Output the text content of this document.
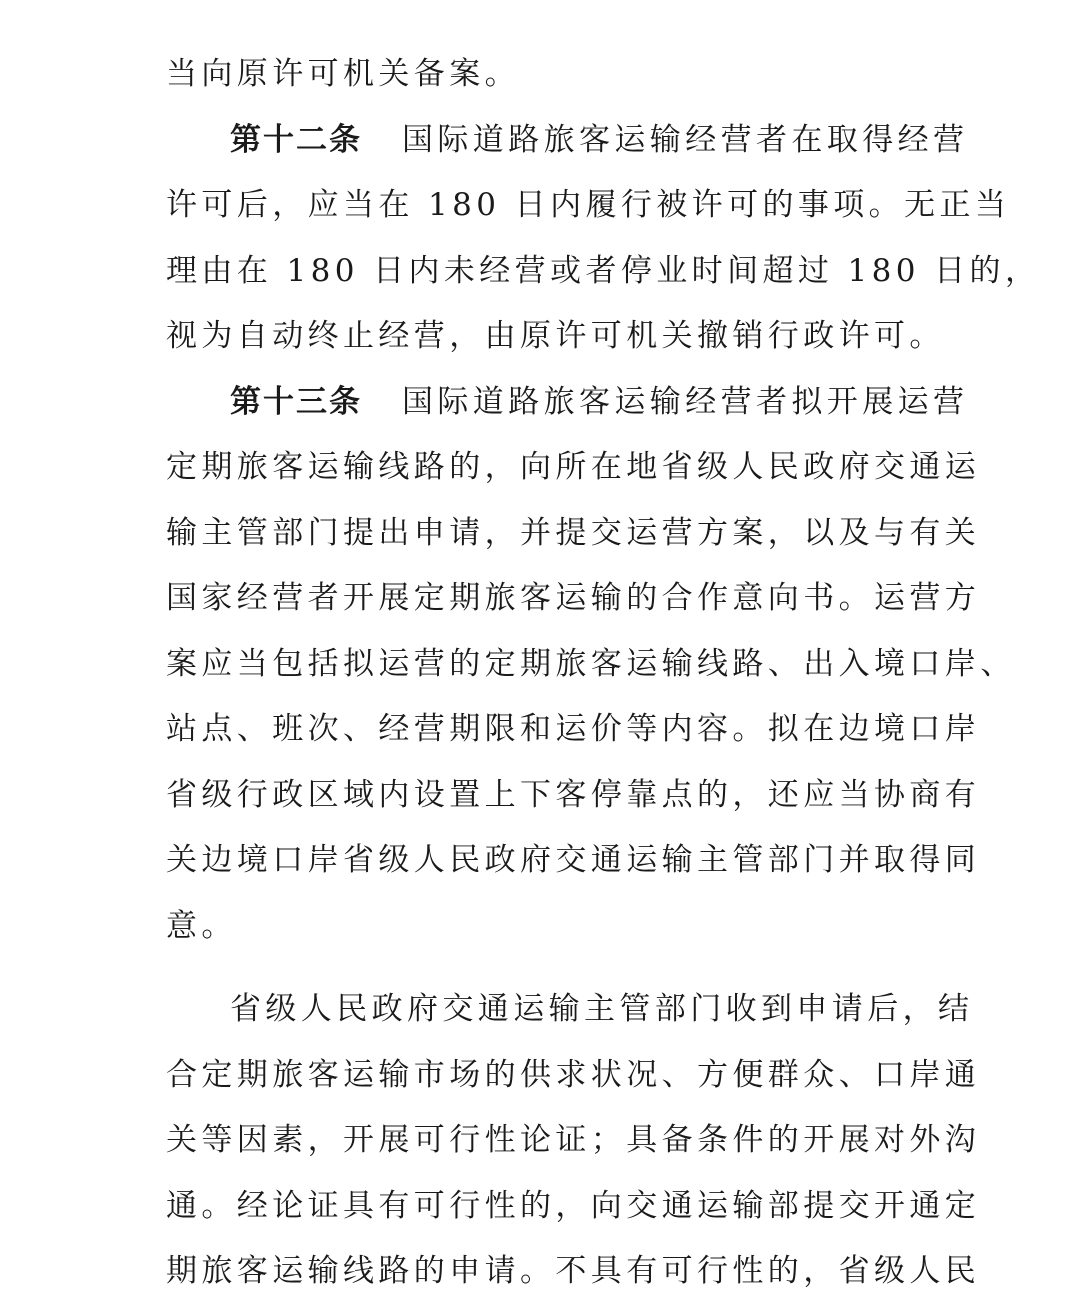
当向原许可机关备案。
第十二条 国际道路旅客运输经营者在取得经营
许可后，应当在 180 日内履行被许可的事项。无正当
理由在 180 日内未经营或者停业时间超过 180 日的，
视为自动终止经营，由原许可机关撤销行政许可。
第十三条 国际道路旅客运输经营者拟开展运营
定期旅客运输线路的，向所在地省级人民政府交通运
输主管部门提出申请，并提交运营方案，以及与有关
国家经营者开展定期旅客运输的合作意向书。运营方
案应当包括拟运营的定期旅客运输线路、出入境口岸、
站点、班次、经营期限和运价等内容。拟在边境口岸
省级行政区域内设置上下客停靠点的，还应当协商有
关边境口岸省级人民政府交通运输主管部门并取得同
意。
省级人民政府交通运输主管部门收到申请后，结
合定期旅客运输市场的供求状况、方便群众、口岸通
关等因素，开展可行性论证；具备条件的开展对外沟
通。经论证具有可行性的，向交通运输部提交开通定
期旅客运输线路的申请。不具有可行性的，省级人民
